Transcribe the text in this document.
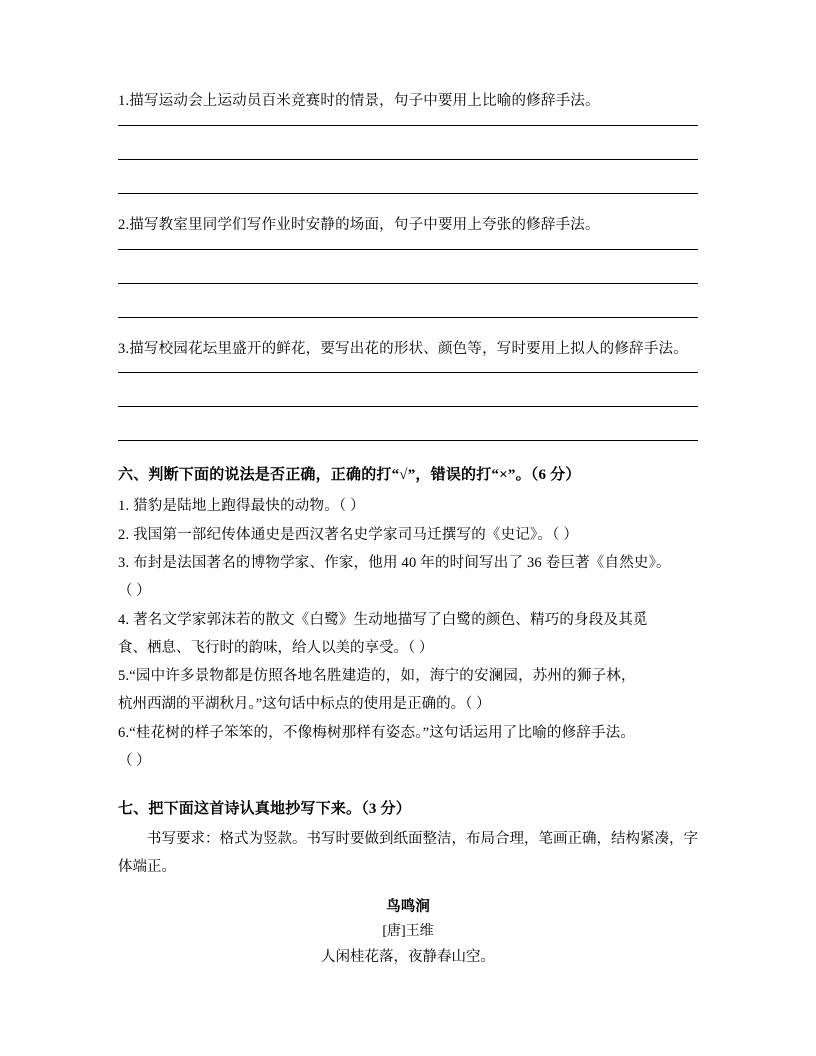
1.描写运动会上运动员百米竞赛时的情景，句子中要用上比喻的修辞手法。

2.描写教室里同学们写作业时安静的场面，句子中要用上夸张的修辞手法。

3.描写校园花坛里盛开的鲜花，要写出花的形状、颜色等，写时要用上拟人的修辞手法。

六、判断下面的说法是否正确，正确的打“√”，错误的打“×”。（6 分）

1. 猎豹是陆地上跑得最快的动物。（ ）

2. 我国第一部纪传体通史是西汉著名史学家司马迁撰写的《史记》。（ ）

3. 布封是法国著名的博物学家、作家，他用 40 年的时间写出了 36 卷巨著《自然史》。

（ ）

4. 著名文学家郭沫若的散文《白鹭》生动地描写了白鹭的颜色、精巧的身段及其觅

食、栖息、飞行时的韵味，给人以美的享受。（ ）

5.“园中许多景物都是仿照各地名胜建造的，如，海宁的安澜园，苏州的狮子林，

杭州西湖的平湖秋月。”这句话中标点的使用是正确的。（ ）

6.“桂花树的样子笨笨的，不像梅树那样有姿态。”这句话运用了比喻的修辞手法。

（ ）

七、把下面这首诗认真地抄写下来。（3 分）

书写要求：格式为竖款。书写时要做到纸面整洁，布局合理，笔画正确，结构紧凑，字体端正。

鸟鸣涧

[唐]王维

人闲桂花落，夜静春山空。
